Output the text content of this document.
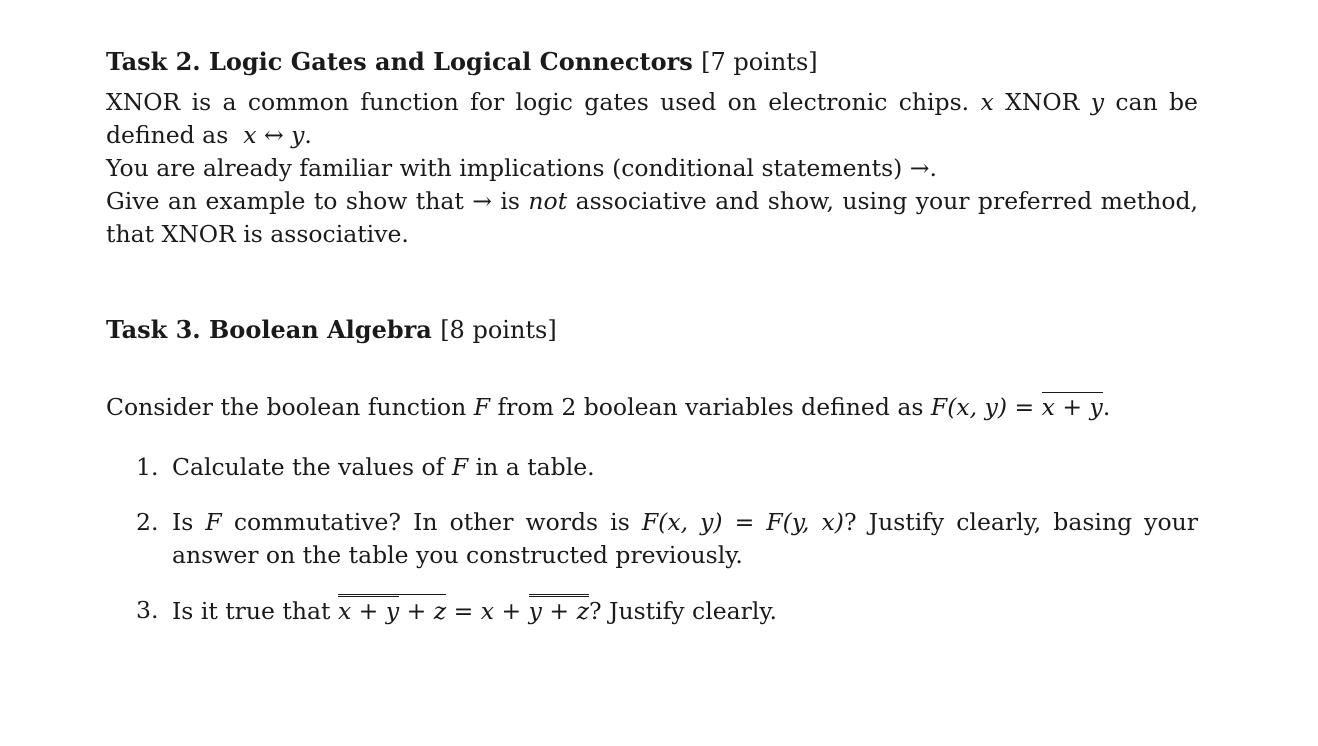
Task 2. Logic Gates and Logical Connectors [7 points]

XNOR is a common function for logic gates used on electronic chips. x XNOR y can be defined as x ↔ y.

You are already familiar with implications (conditional statements) →.

Give an example to show that → is not associative and show, using your preferred method, that XNOR is associative.

Task 3. Boolean Algebra [8 points]

Consider the boolean function F from 2 boolean variables defined as F(x, y) = x + y.

1. Calculate the values of F in a table.
2. Is F commutative? In other words is F(x, y) = F(y, x)? Justify clearly, basing your answer on the table you constructed previously.
3. Is it true that x + y + z = x + y + z? Justify clearly.
